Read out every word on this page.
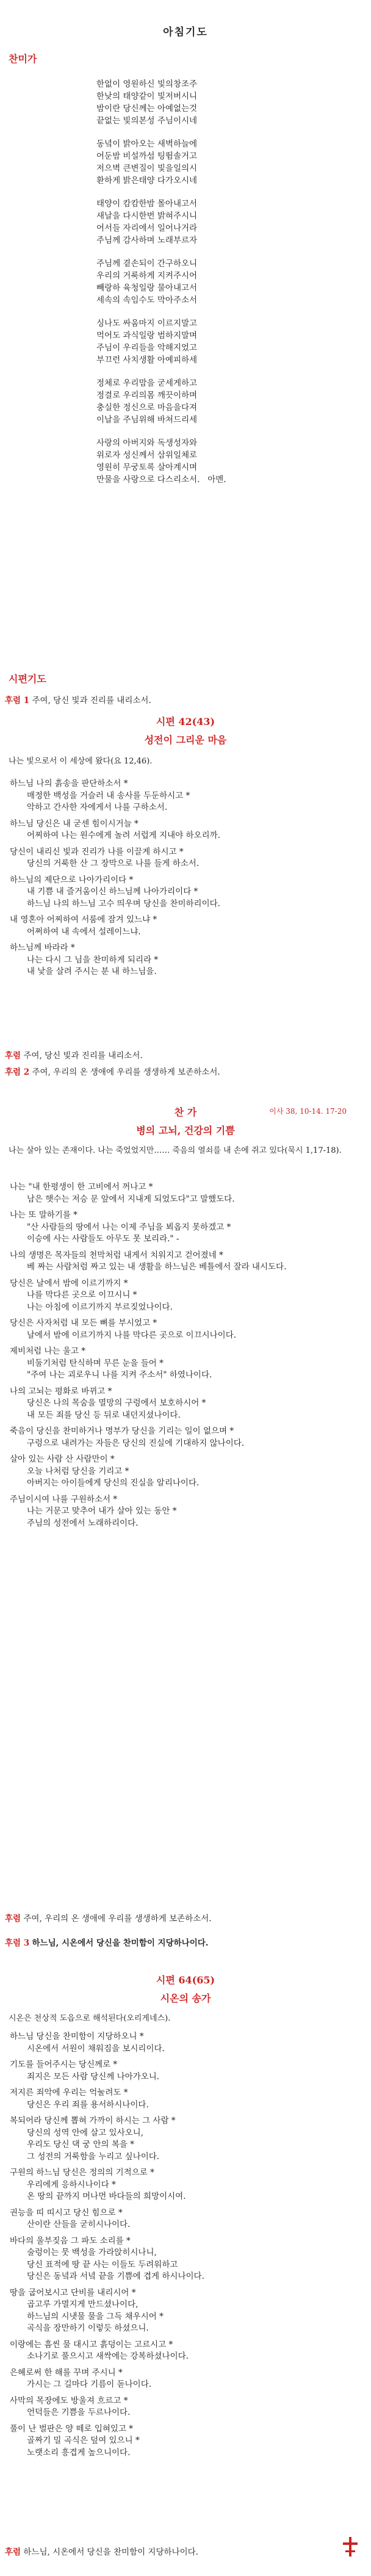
아침기도
찬미가
한없이 영원하신 빛의창조주
한낮의 태양같이 빛저버시니
밤이란 당신께는 아예없는것
끝없는 빛의본성 주님이시네
동녘이 밝아오는 새벽하늘에
어둔밤 비설까섬 팅뜀솔거고
저으벽 큰변질이 빛을일의시
환하게 밝은태양 다가오시네
태양이 캄캄한밤 몰아내고서
새날을 다시한번 밝혀주시니
어서들 자리에서 일어나거라
주님께 감사하며 노래부르자
주님께 곁손되이 간구하오니
우리의 거룩하게 지켜주시어
빼랑하 육청일랑 물아내고서
세속의 속임수도 막아주소서
싱나도 싸움마지 이르지말고
먹어도 과식일랑 범하지말며
주님이 우리들을 악해지었고
부끄런 사치생활 아예피하세
정체로 우리맘을 굳세게하고
정결로 우리의몸 깨끗이하며
충실한 정신으로 마음을다져
이날을 주님위해 바쳐드리세
사랑의 아버지와 독생성자와
위로자 성신께서 삼위일체로
영원히 무궁토록 살아계시며
만물을 사랑으로 다스리소서.   아멘.
시편기도
후렴 1 주여, 당신 빛과 진리를 내리소서.
시편 42(43)
성전이 그리운 마음
나는 빛으로서 이 세상에 왔다(요 12,46).
하느님 나의 흙송을 판단하소서 *
매정한 백성을 거슬러 내 송사를 두둔하시고 *
악하고 간사한 자에게서 나를 구하소서.
하느님 당신은 내 굳센 힘이시거늘 *
어찌하여 나는 원수에게 놀려 서럽게 지내야 하오리까.
당신이 내리신 빛과 진리가 나를 이끌게 하시고 *
당신의 거룩한 산 그 장막으로 나를 들게 하소서.
하느님의 제단으로 나아가리이다 *
내 기쁨 내 즐거움이신 하느님께 나아가리이다 *
하느님 나의 하느님 고수 띄우며 당신을 찬미하리이다.
내 영혼아 어찌하여 서룸에 잠겨 있느냐 *
어쩌하여 내 속에서 설레이느냐.
하느님께 바라라 *
나는 다시 그 님을 찬미하게 되리라 *
내 낯을 살려 주시는 분 내 하느님을.
후렴 주여, 당신 빛과 진리를 내리소서.
후렴 2 주여, 우리의 온 생애에 우리를 생생하게 보존하소서.
찬 가	이사 38, 10-14. 17-20
병의 고뇌, 건강의 기쁨
나는 살아 있는 존재이다. 나는 죽었었지만…… 죽음의 열쇠를 내 손에 쥐고 있다(묵시 1,17-18).
나는 "내 한평생이 한 고비에서 꺼나고 *
남은 햇수는 저승 문 앞에서 지내게 되었도다"고 말했도다.
나는 또 말하기를 *
"산 사람들의 땅에서 나는 이제 주님을 뵈옵지 못하겠고 *
이승에 사는 사람들도 아무도 못 보리라." -
나의 생명은 목자들의 천막처럼 내게서 치워지고 걷어졌네 *
베 짜는 사람처럼 짜고 있는 내 생활을 하느님은 베틀에서 잘라 내시도다.
당신은 날에서 밤에 이르기까지 *
나를 막다른 곳으로 이끄시니 *
나는 아침에 이르기까지 부르짖었나이다.
당신은 사자처럼 내 모든 뼈를 부시었고 *
날에서 밤에 이르기까지 나를 막다른 곳으로 이끄시나이다.
제비처럼 나는 울고 *
비둘기처럼 탄식하며 무른 눈을 들어 *
"주여 나는 괴로우니 나를 지켜 주소서" 하였나이다.
나의 고뇌는 평화로 바뀌고 *
당신은 나의 목숨을 멸망의 구렁에서 보호하시어 *
내 모든 죄를 당신 등 뒤로 내던지셨나이다.
죽음이 당신을 찬미하거나 명부가 당신을 기리는 일이 없으며 *
구렁으로 내려가는 자들은 당신의 진실에 기대하지 않나이다.
살아 있는 사람 산 사람만이 *
오늘 나처럼 당신을 기리고 *
아버지는 아이들에게 당신의 진실을 알리나이다.
주님이시여 나를 구원하소서 *
나는 거문고 맞추어 내가 살아 있는 동안 *
주님의 성전에서 노래하리이다.
후렴 주여, 우리의 온 생애에 우리를 생생하게 보존하소서.
후렴 3 하느님, 시온에서 당신을 찬미함이 지당하나이다.
시편 64(65)
시온의 송가
시온은 천상적 도읍으로 해석된다(오리게네스).
하느님 당신을 찬미함이 지당하오니 *
시온에서 서원이 채워짐을 보시리이다.
기도를 들어주시는 당신께로 *
죄지은 모든 사람 당신께 나아가오니.
저지른 죄악에 우리는 억눌려도 *
당신은 우리 죄를 용서하시나이다.
복되어라 당신께 뽑혀 가까이 하시는 그 사람 *
당신의 성역 안에 살고 있사오니,
우리도 당신 댁 궁 안의 복을 *
그 성전의 거룩함을 누리고 싶나이다.
구원의 하느님 당신은 정의의 기적으로 *
우리에게 응하시나이다 *
온 땅의 끝까지 머나먼 바다들의 희망이시여.
권능을 띠 띠시고 당신 힘으로 *
산이란 산들을 굳히시나이다.
바다의 울부짖음 그 파도 소리를 *
술렁이는 뭇 백성을 가라앉히시나니,
당신 표적에 땅 끝 사는 이들도 두려워하고
당신은 동녘과 서녘 끝을 기쁨에 겹게 하시나이다.
땅을 굽어보시고 단비를 내리시어 *
곱고루 가멸지게 만드셨나이다,
하느님의 시냇물 물을 그득 채우시어 *
곡식을 장만하기 이렇듯 하셨으니.
이랑에는 흠씬 물 대시고 흙덩이는 고르시고 *
소나기로 풀으시고 새싹에는 강복하셨나이다.
은혜로써 한 해를 꾸며 주시니 *
가시는 그 길마다 기름이 돋나이다.
사막의 목장에도 방울져 흐르고 *
언덕들은 기쁨을 두르나이다.
풀이 난 벌판은 양 떼로 입혀있고 *
골짜기 밀 곡식은 덮여 있으니 *
노랫소리 흥겹게 높으니이다.
후렴 하느님, 시온에서 당신을 찬미함이 지당하나이다.
